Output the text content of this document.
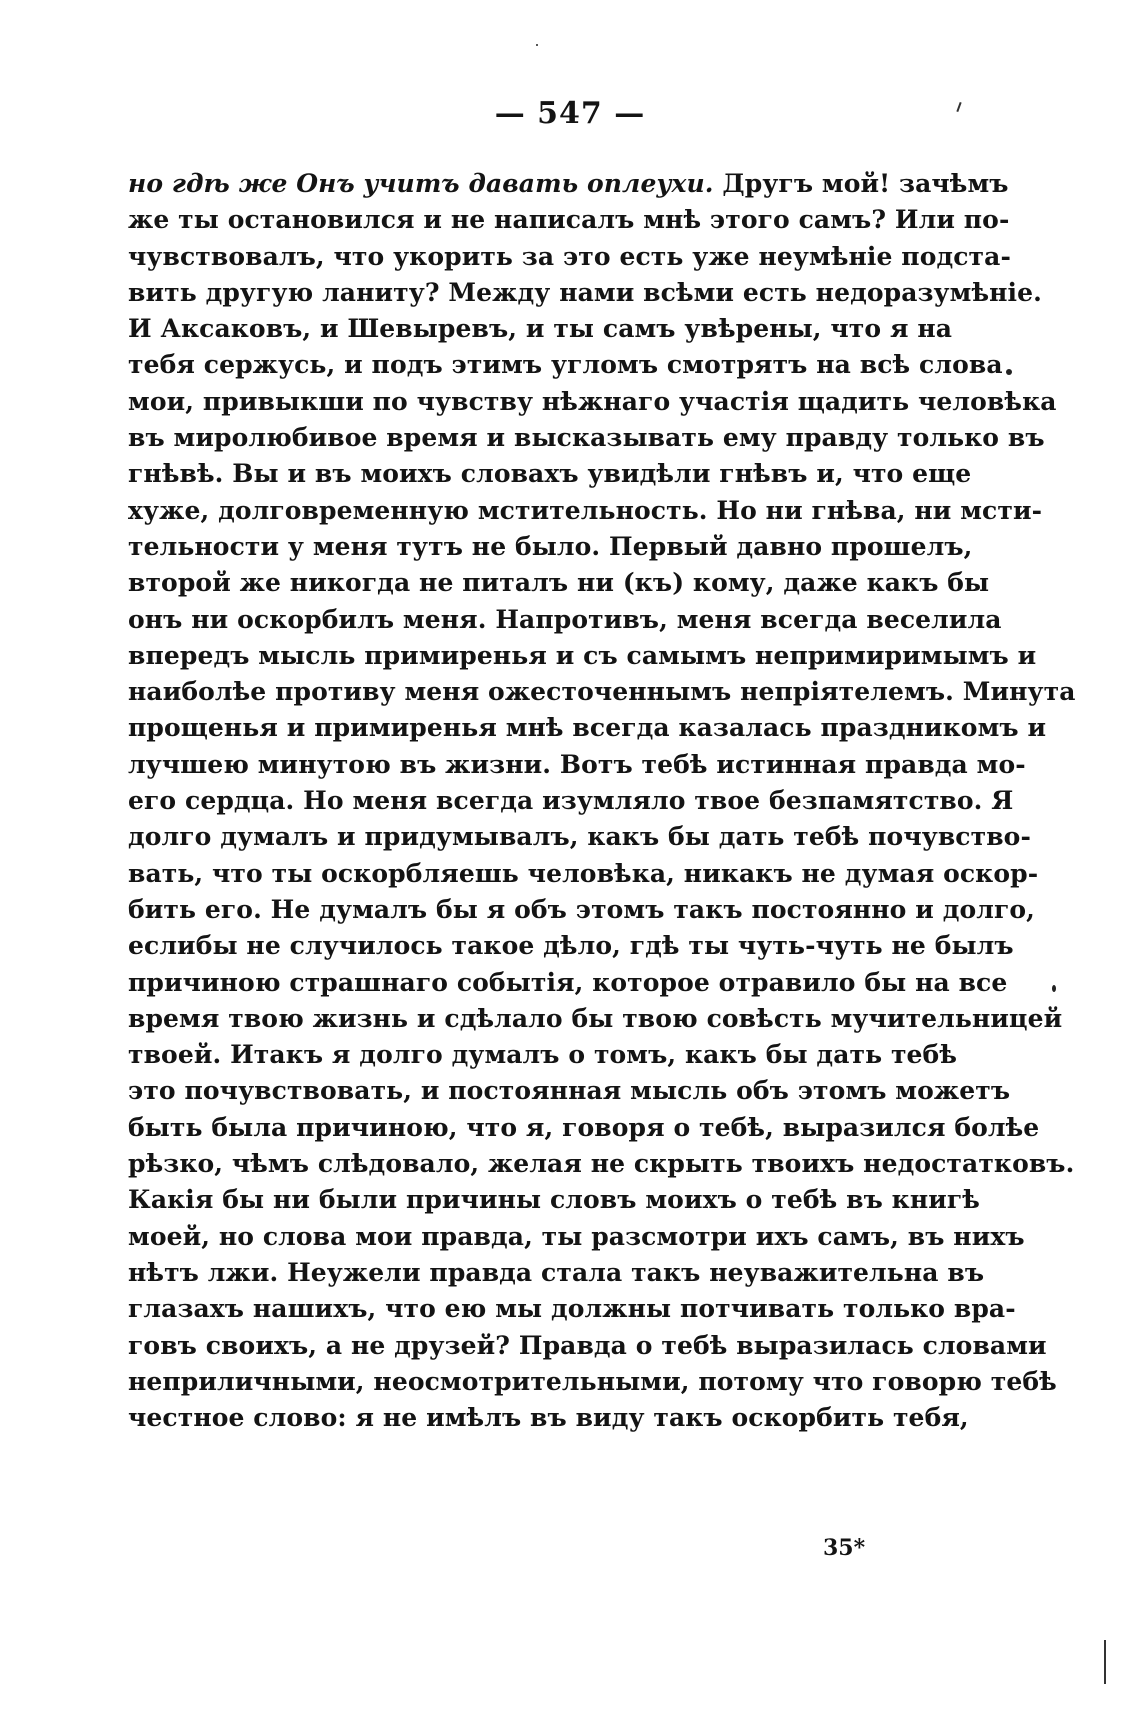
— 547 —
но гдѣ же Онъ учитъ давать оплеухи. Другъ мой! зачѣмъ
же ты остановился и не написалъ мнѣ этого самъ? Или по-
чувствовалъ, что укорить за это есть уже неумѣніе подста-
вить другую ланиту? Между нами всѣми есть недоразумѣніе.
И Аксаковъ, и Шевыревъ, и ты самъ увѣрены, что я на
тебя сержусь, и подъ этимъ угломъ смотрятъ на всѣ слова
мои, привыкши по чувству нѣжнаго участія щадить человѣка
въ миролюбивое время и высказывать ему правду только въ
гнѣвѣ. Вы и въ моихъ словахъ увидѣли гнѣвъ и, что еще
хуже, долговременную мстительность. Но ни гнѣва, ни мсти-
тельности у меня тутъ не было. Первый давно прошелъ,
второй же никогда не питалъ ни (къ) кому, даже какъ бы
онъ ни оскорбилъ меня. Напротивъ, меня всегда веселила
впередъ мысль примиренья и съ самымъ непримиримымъ и
наиболѣе противу меня ожесточеннымъ непріятелемъ. Минута
прощенья и примиренья мнѣ всегда казалась праздникомъ и
лучшею минутою въ жизни. Вотъ тебѣ истинная правда мо-
его сердца. Но меня всегда изумляло твое безпамятство. Я
долго думалъ и придумывалъ, какъ бы дать тебѣ почувство-
вать, что ты оскорбляешь человѣка, никакъ не думая оскор-
бить его. Не думалъ бы я объ этомъ такъ постоянно и долго,
еслибы не случилось такое дѣло, гдѣ ты чуть-чуть не былъ
причиною страшнаго событія, которое отравило бы на все
время твою жизнь и сдѣлало бы твою совѣсть мучительницей
твоей. Итакъ я долго думалъ о томъ, какъ бы дать тебѣ
это почувствовать, и постоянная мысль объ этомъ можетъ
быть была причиною, что я, говоря о тебѣ, выразился болѣе
рѣзко, чѣмъ слѣдовало, желая не скрыть твоихъ недостатковъ.
Какія бы ни были причины словъ моихъ о тебѣ въ книгѣ
моей, но слова мои правда, ты разсмотри ихъ самъ, въ нихъ
нѣтъ лжи. Неужели правда стала такъ неуважительна въ
глазахъ нашихъ, что ею мы должны потчивать только вра-
говъ своихъ, а не друзей? Правда о тебѣ выразилась словами
неприличными, неосмотрительными, потому что говорю тебѣ
честное слово: я не имѣлъ въ виду такъ оскорбить тебя,
35*
